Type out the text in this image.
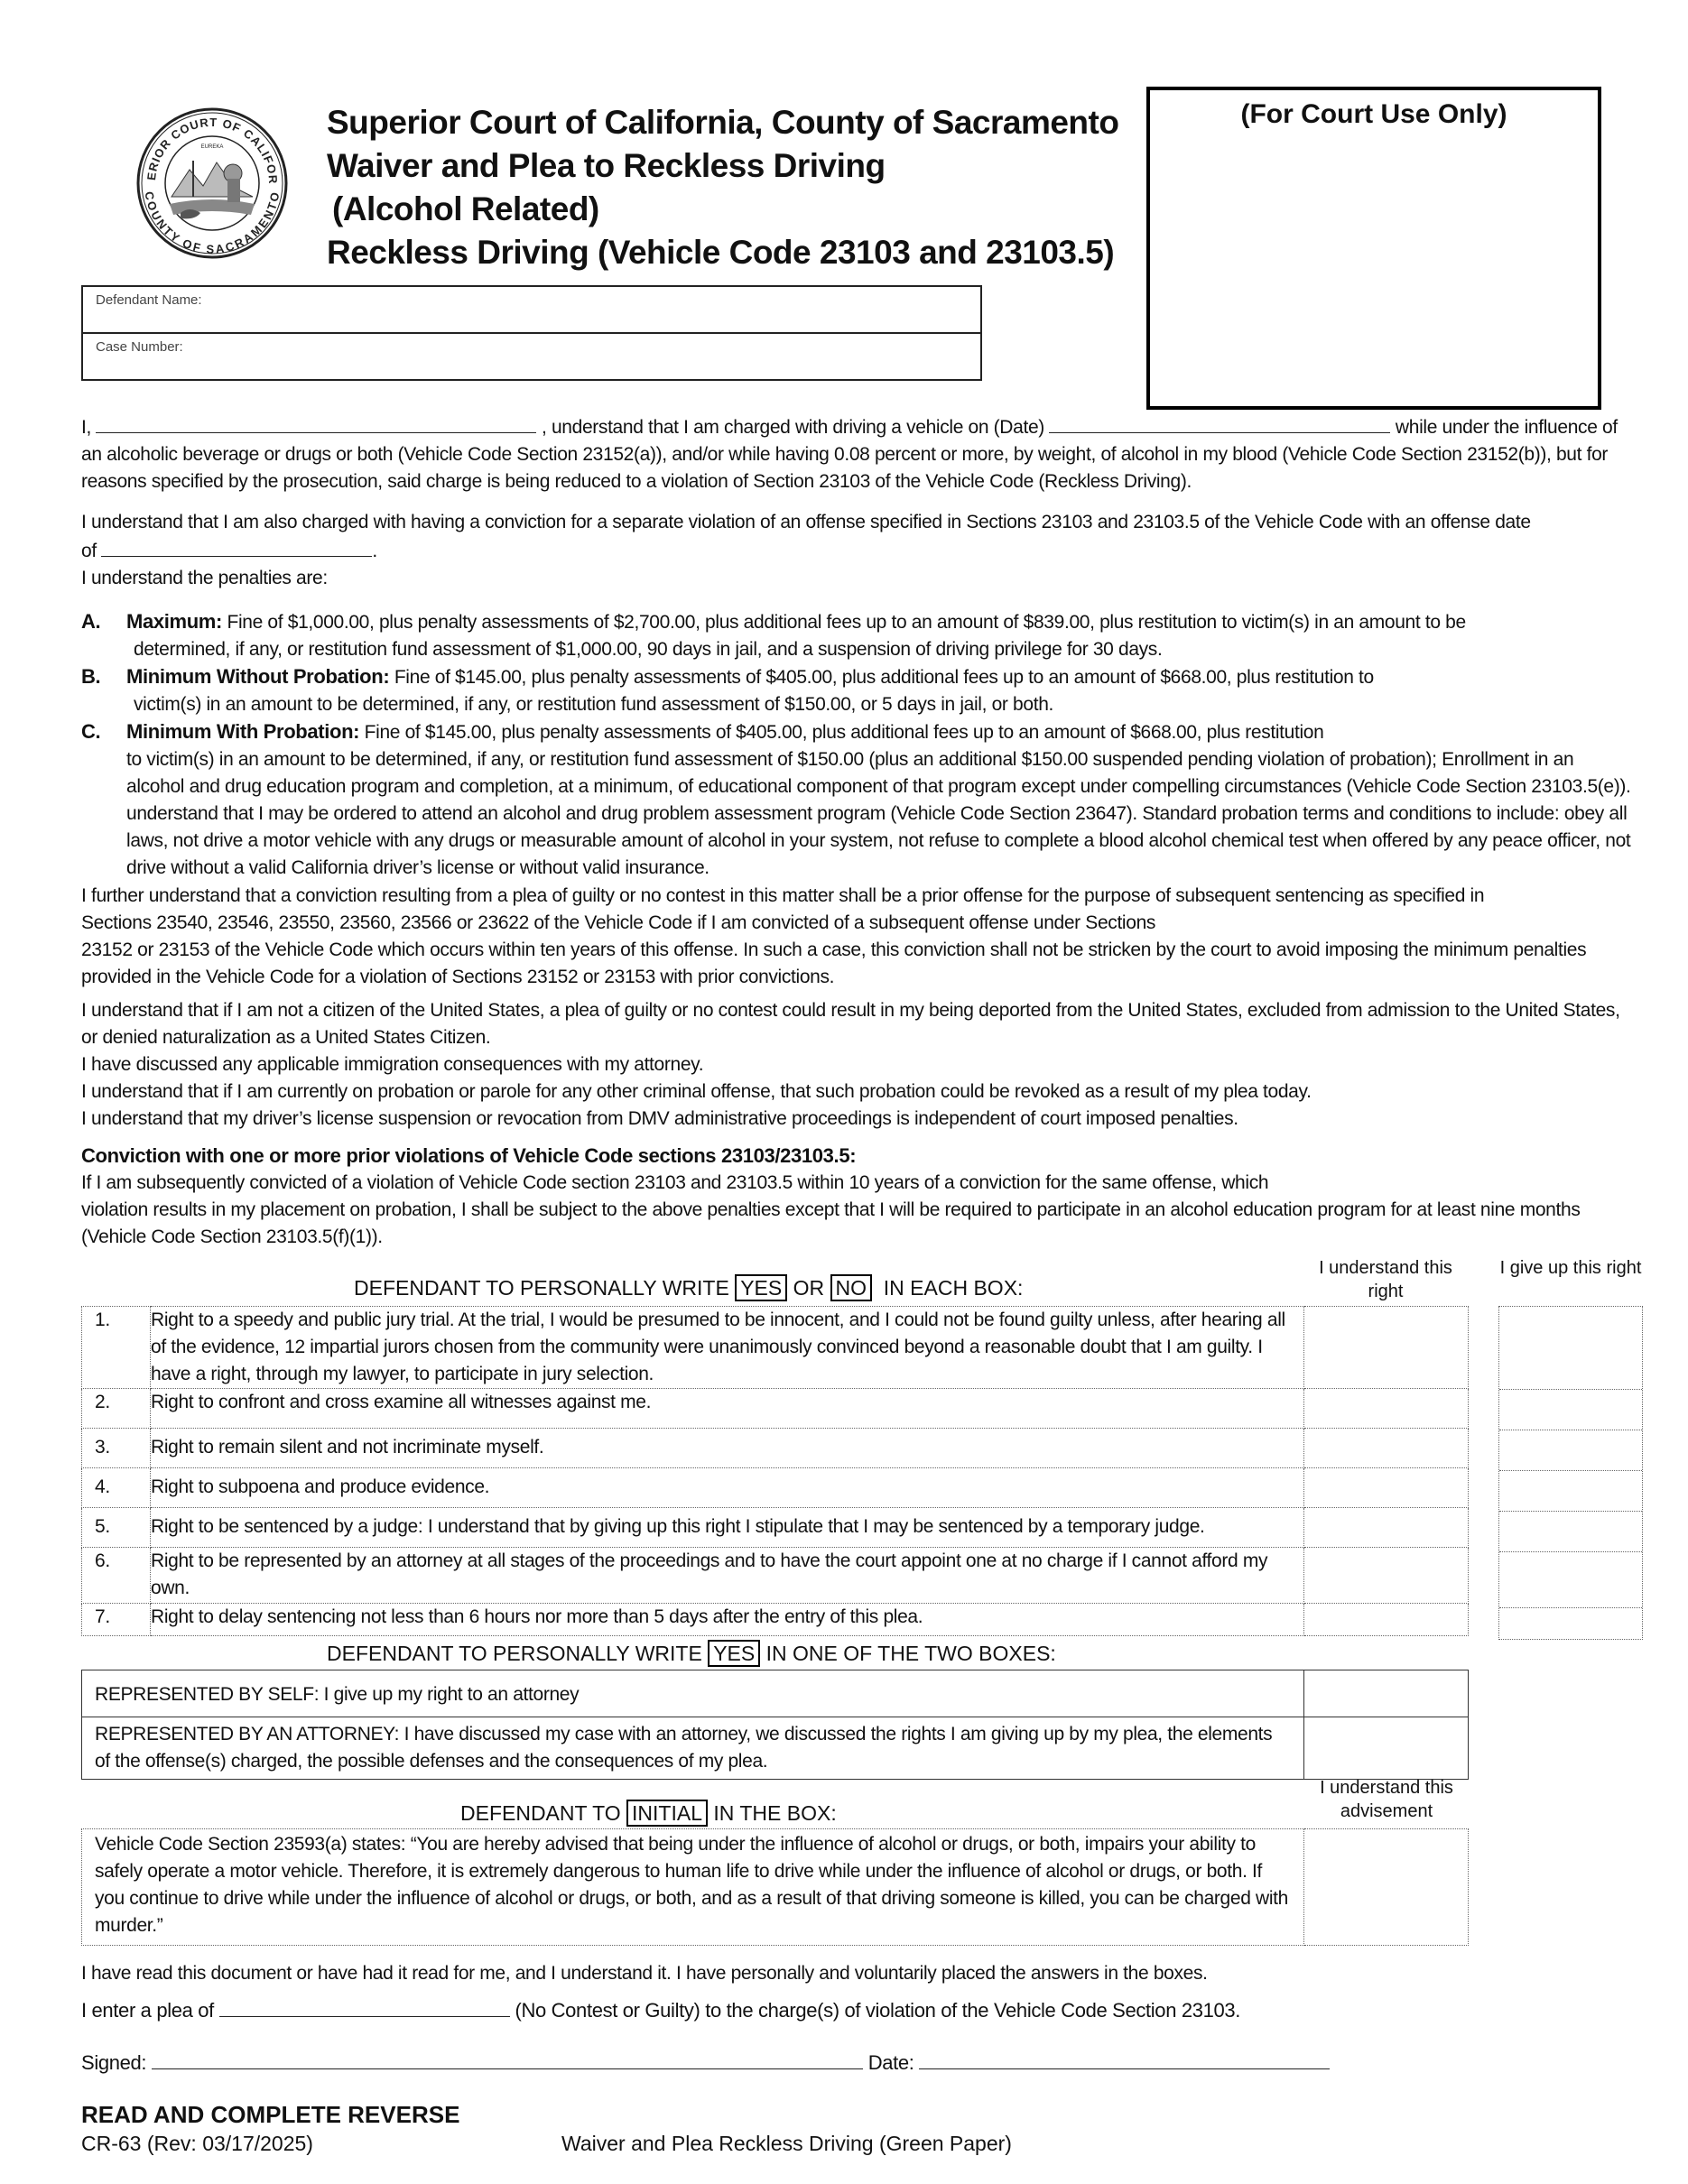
ERIOR COURT OF CALIFOR
COUNTY OF SACRAMENTO
EUREKA
Superior Court of California, County of Sacramento
Waiver and Plea to Reckless Driving
(Alcohol Related)
Reckless Driving (Vehicle Code 23103 and 23103.5)
(For Court Use Only)
Defendant Name:
Case Number:

I,	, understand that I am charged with driving a vehicle on (Date)	while under the influence of an alcoholic beverage or drugs or both (Vehicle Code Section 23152(a)), and/or while having 0.08 percent or more, by weight, of alcohol in my blood (Vehicle Code Section 23152(b)), but for reasons specified by the prosecution, said charge is being reduced to a violation of Section 23103 of the Vehicle Code (Reckless Driving).

I understand that I am also charged with having a conviction for a separate violation of an offense specified in Sections 23103 and 23103.5 of the Vehicle Code with an offense date

of	.

I understand the penalties are:

A. Maximum: Fine of $1,000.00, plus penalty assessments of $2,700.00, plus additional fees up to an amount of $839.00, plus restitution to victim(s) in an amount to be
determined, if any, or restitution fund assessment of $1,000.00, 90 days in jail, and a suspension of driving privilege for 30 days.
B. Minimum Without Probation: Fine of $145.00, plus penalty assessments of $405.00, plus additional fees up to an amount of $668.00, plus restitution to
victim(s) in an amount to be determined, if any, or restitution fund assessment of $150.00, or 5 days in jail, or both.
C. Minimum With Probation: Fine of $145.00, plus penalty assessments of $405.00, plus additional fees up to an amount of $668.00, plus restitution
to victim(s) in an amount to be determined, if any, or restitution fund assessment of $150.00 (plus an additional $150.00 suspended pending violation of probation); Enrollment in an alcohol and drug education program and completion, at a minimum, of educational component of that program except under compelling circumstances (Vehicle Code Section 23103.5(e)). understand that I may be ordered to attend an alcohol and drug problem assessment program (Vehicle Code Section 23647). Standard probation terms and conditions to include: obey all laws, not drive a motor vehicle with any drugs or measurable amount of alcohol in your system, not refuse to complete a blood alcohol chemical test when offered by any peace officer, not drive without a valid California driver’s license or without valid insurance.

I further understand that a conviction resulting from a plea of guilty or no contest in this matter shall be a prior offense for the purpose of subsequent sentencing as specified in

Sections 23540, 23546, 23550, 23560, 23566 or 23622 of the Vehicle Code if I am convicted of a subsequent offense under Sections

23152 or 23153 of the Vehicle Code which occurs within ten years of this offense. In such a case, this conviction shall not be stricken by the court to avoid imposing the minimum penalties provided in the Vehicle Code for a violation of Sections 23152 or 23153 with prior convictions.

I understand that if I am not a citizen of the United States, a plea of guilty or no contest could result in my being deported from the United States, excluded from admission to the United States, or denied naturalization as a United States Citizen.

I have discussed any applicable immigration consequences with my attorney.

I understand that if I am currently on probation or parole for any other criminal offense, that such probation could be revoked as a result of my plea today.

I understand that my driver’s license suspension or revocation from DMV administrative proceedings is independent of court imposed penalties.

Conviction with one or more prior violations of Vehicle Code sections 23103/23103.5:

If I am subsequently convicted of a violation of Vehicle Code section 23103 and 23103.5 within 10 years of a conviction for the same offense, which

violation results in my placement on probation, I shall be subject to the above penalties except that I will be required to participate in an alcohol education program for at least nine months (Vehicle Code Section 23103.5(f)(1)).

DEFENDANT TO PERSONALLY WRITE YES OR NO IN EACH BOX:
I understand this right
I give up this right
1.	Right to a speedy and public jury trial. At the trial, I would be presumed to be innocent, and I could not be found guilty unless, after hearing all of the evidence, 12 impartial jurors chosen from the community were unanimously convinced beyond a reasonable doubt that I am guilty. I have a right, through my lawyer, to participate in jury selection.	
2.	Right to confront and cross examine all witnesses against me.	
3.	Right to remain silent and not incriminate myself.	
4.	Right to subpoena and produce evidence.	
5.	Right to be sentenced by a judge: I understand that by giving up this right I stipulate that I may be sentenced by a temporary judge.	
6.	Right to be represented by an attorney at all stages of the proceedings and to have the court appoint one at no charge if I cannot afford my own.	
7.	Right to delay sentencing not less than 6 hours nor more than 5 days after the entry of this plea.	
DEFENDANT TO PERSONALLY WRITE YES IN ONE OF THE TWO BOXES:
REPRESENTED BY SELF: I give up my right to an attorney	
REPRESENTED BY AN ATTORNEY: I have discussed my case with an attorney, we discussed the rights I am giving up by my plea, the elements of the offense(s) charged, the possible defenses and the consequences of my plea.	
DEFENDANT TO INITIAL IN THE BOX:
I understand this advisement
Vehicle Code Section 23593(a) states: “You are hereby advised that being under the influence of alcohol or drugs, or both, impairs your ability to safely operate a motor vehicle. Therefore, it is extremely dangerous to human life to drive while under the influence of alcohol or drugs, or both. If you continue to drive while under the influence of alcohol or drugs, or both, and as a result of that driving someone is killed, you can be charged with murder.”	
I have read this document or have had it read for me, and I understand it. I have personally and voluntarily placed the answers in the boxes.
I enter a plea of	(No Contest or Guilty) to the charge(s) of violation of the Vehicle Code Section 23103.
Signed:	Date:
READ AND COMPLETE REVERSE
CR-63 (Rev: 03/17/2025)	Waiver and Plea Reckless Driving (Green Paper)
